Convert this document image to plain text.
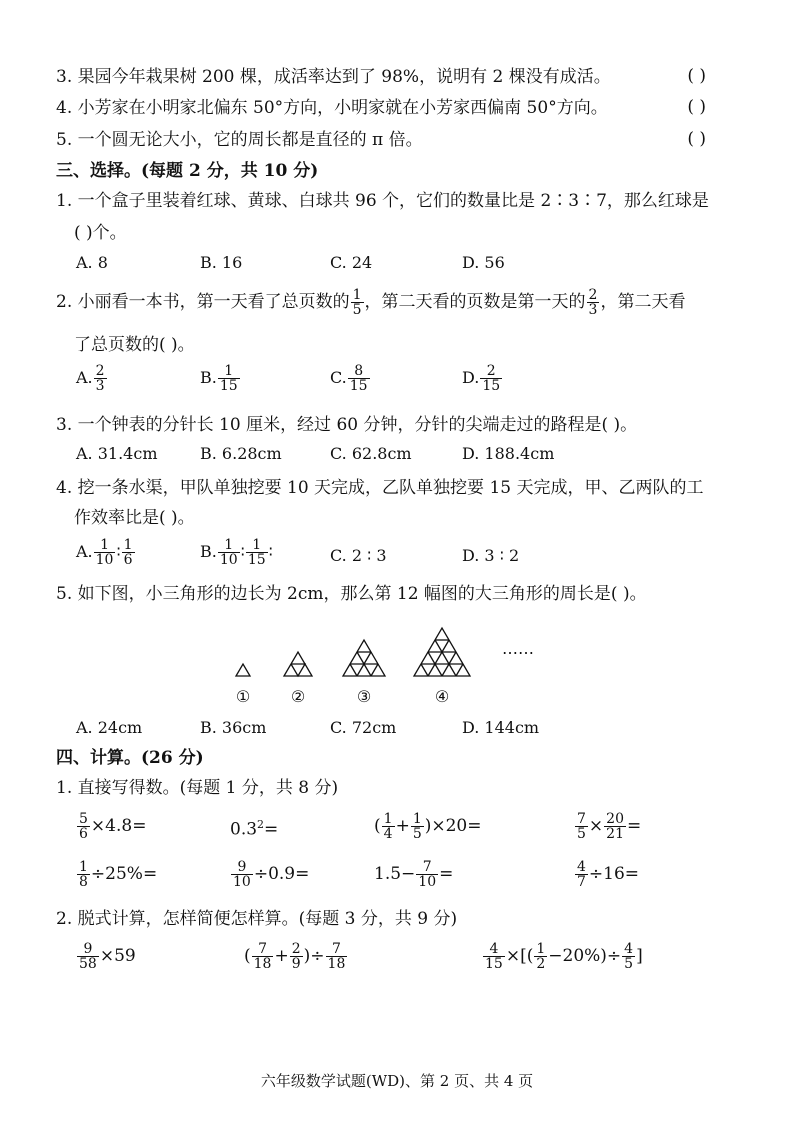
3. 果园今年栽果树 200 棵，成活率达到了 98%，说明有 2 棵没有成活。	( )
4. 小芳家在小明家北偏东 50°方向，小明家就在小芳家西偏南 50°方向。	( )
5. 一个圆无论大小，它的周长都是直径的 π 倍。	( )
三、选择。(每题 2 分，共 10 分)
1. 一个盒子里装着红球、黄球、白球共 96 个，它们的数量比是 2∶3∶7，那么红球是
( )个。
A. 8	B. 16	C. 24	D. 56
2. 小丽看一本书，第一天看了总页数的 $\frac{1}{5}$ ，第二天看的页数是第一天的 $\frac{2}{3}$ ，第二天看
了总页数的( )。
A. $\frac{2}{3}$	B. $\frac{1}{15}$	C. $\frac{8}{15}$	D. $\frac{2}{15}$
3. 一个钟表的分针长 10 厘米，经过 60 分钟，分针的尖端走过的路程是( )。
A. 31.4cm	B. 6.28cm	C. 62.8cm	D. 188.4cm
4. 挖一条水渠，甲队单独挖要 10 天完成，乙队单独挖要 15 天完成，甲、乙两队的工
作效率比是( )。
A. $\frac{1}{10}$ ∶ $\frac{1}{6}$	B. $\frac{1}{10}$ ∶ $\frac{1}{15}$ ∶	C. 2 ∶ 3	D. 3 ∶ 2
5. 如下图，小三角形的边长为 2cm，那么第 12 幅图的大三角形的周长是( )。
①	②	③	④
……
A. 24cm	B. 36cm	C. 72cm	D. 144cm
四、计算。(26 分)
1. 直接写得数。(每题 1 分，共 8 分)
$\frac{5}{6} \times 4.8=$	$0.3^2=$	( $\frac{1}{4} + \frac{1}{5} )\times 20=$	$\frac{7}{5} \times \frac{20}{21}$ =
$\frac{1}{8} \div 25\%=$	$\frac{9}{10} \div 0.9=$	$1.5- \frac{7}{10}$ =	$\frac{4}{7} \div 16=$
2. 脱式计算，怎样简便怎样算。(每题 3 分，共 9 分)
$\frac{9}{58} \times 59$	( $\frac{7}{18} + \frac{2}{9}$ )÷ $\frac{7}{18}$	$\frac{4}{15}$ ×[( $\frac{1}{2} -20\%)\div \frac{4}{5}$ ]
六年级数学试题(WD)、第 2 页、共 4 页
